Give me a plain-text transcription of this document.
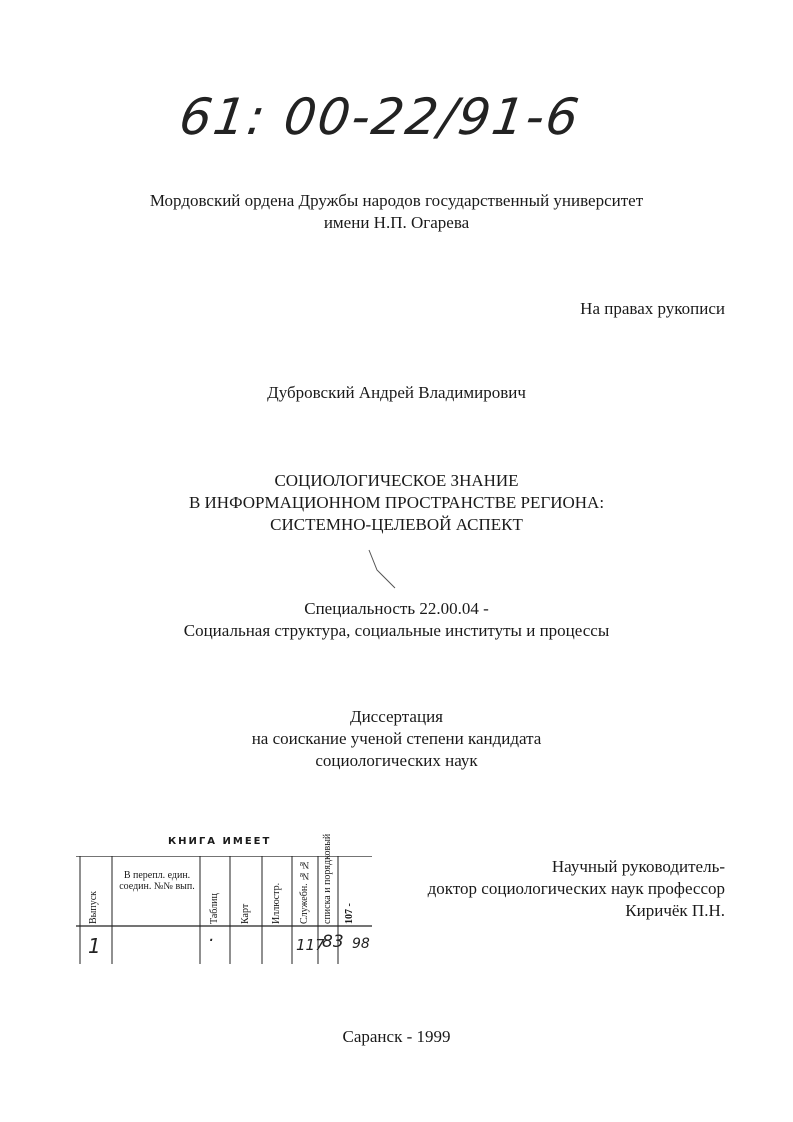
61: 00-22/91-6
Мордовский ордена Дружбы народов государственный университет
имени Н.П. Огарева
На правах рукописи
Дубровский Андрей Владимирович
СОЦИОЛОГИЧЕСКОЕ ЗНАНИЕ
В ИНФОРМАЦИОННОМ ПРОСТРАНСТВЕ РЕГИОНА:
СИСТЕМНО-ЦЕЛЕВОЙ АСПЕКТ
Специальность 22.00.04 -
Социальная структура, социальные институты и процессы
Диссертация
на соискание ученой степени кандидата
социологических наук
Научный руководитель-
доктор социологических наук профессор
Киричёк П.Н.
КНИГА ИМЕЕТ
Выпуск
В перепл. един. соедин. №№ вып.
Таблиц Карт Иллюстр. Служебн. №№ списка и порядковый 107 -
1	·	117
83 98
Саранск - 1999
